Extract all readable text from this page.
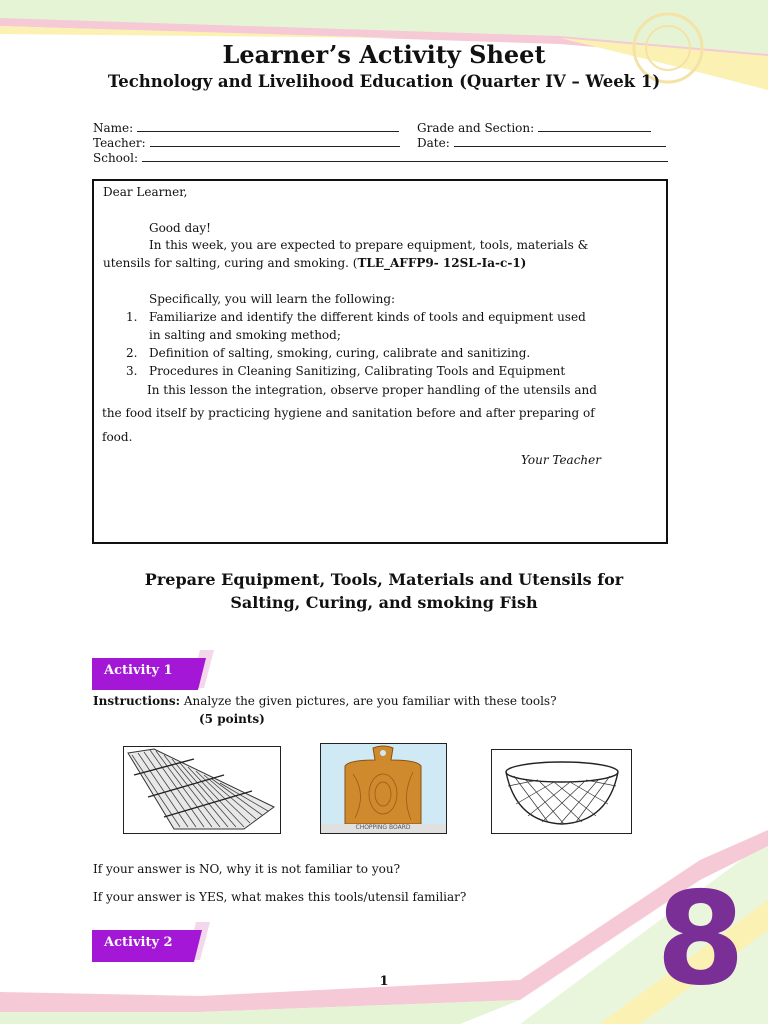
Learner’s Activity Sheet
Technology and Livelihood Education (Quarter IV – Week 1)
Name:	Grade and Section:
Teacher:	Date:
School:
Dear Learner,
Good day!
In this week, you are expected to prepare equipment, tools, materials &
utensils for salting, curing and smoking. (TLE_AFFP9- 12SL-Ia-c-1)
Specifically, you will learn the following:
1. Familiarize and identify the different kinds of tools and equipment used
in salting and smoking method;
2. Definition of salting, smoking, curing, calibrate and sanitizing.
3. Procedures in Cleaning Sanitizing, Calibrating Tools and Equipment
In this lesson the integration, observe proper handling of the utensils and
the food itself by practicing hygiene and sanitation before and after preparing of
food.
Your Teacher
Prepare Equipment, Tools, Materials and Utensils for
Salting, Curing, and smoking Fish
Activity 1
Instructions: Analyze the given pictures, are you familiar with these tools?
(5 points)
CHOPPING BOARD
If your answer is NO, why it is not familiar to you?
If your answer is YES, what makes this tools/utensil familiar?
Activity 2
1	8
